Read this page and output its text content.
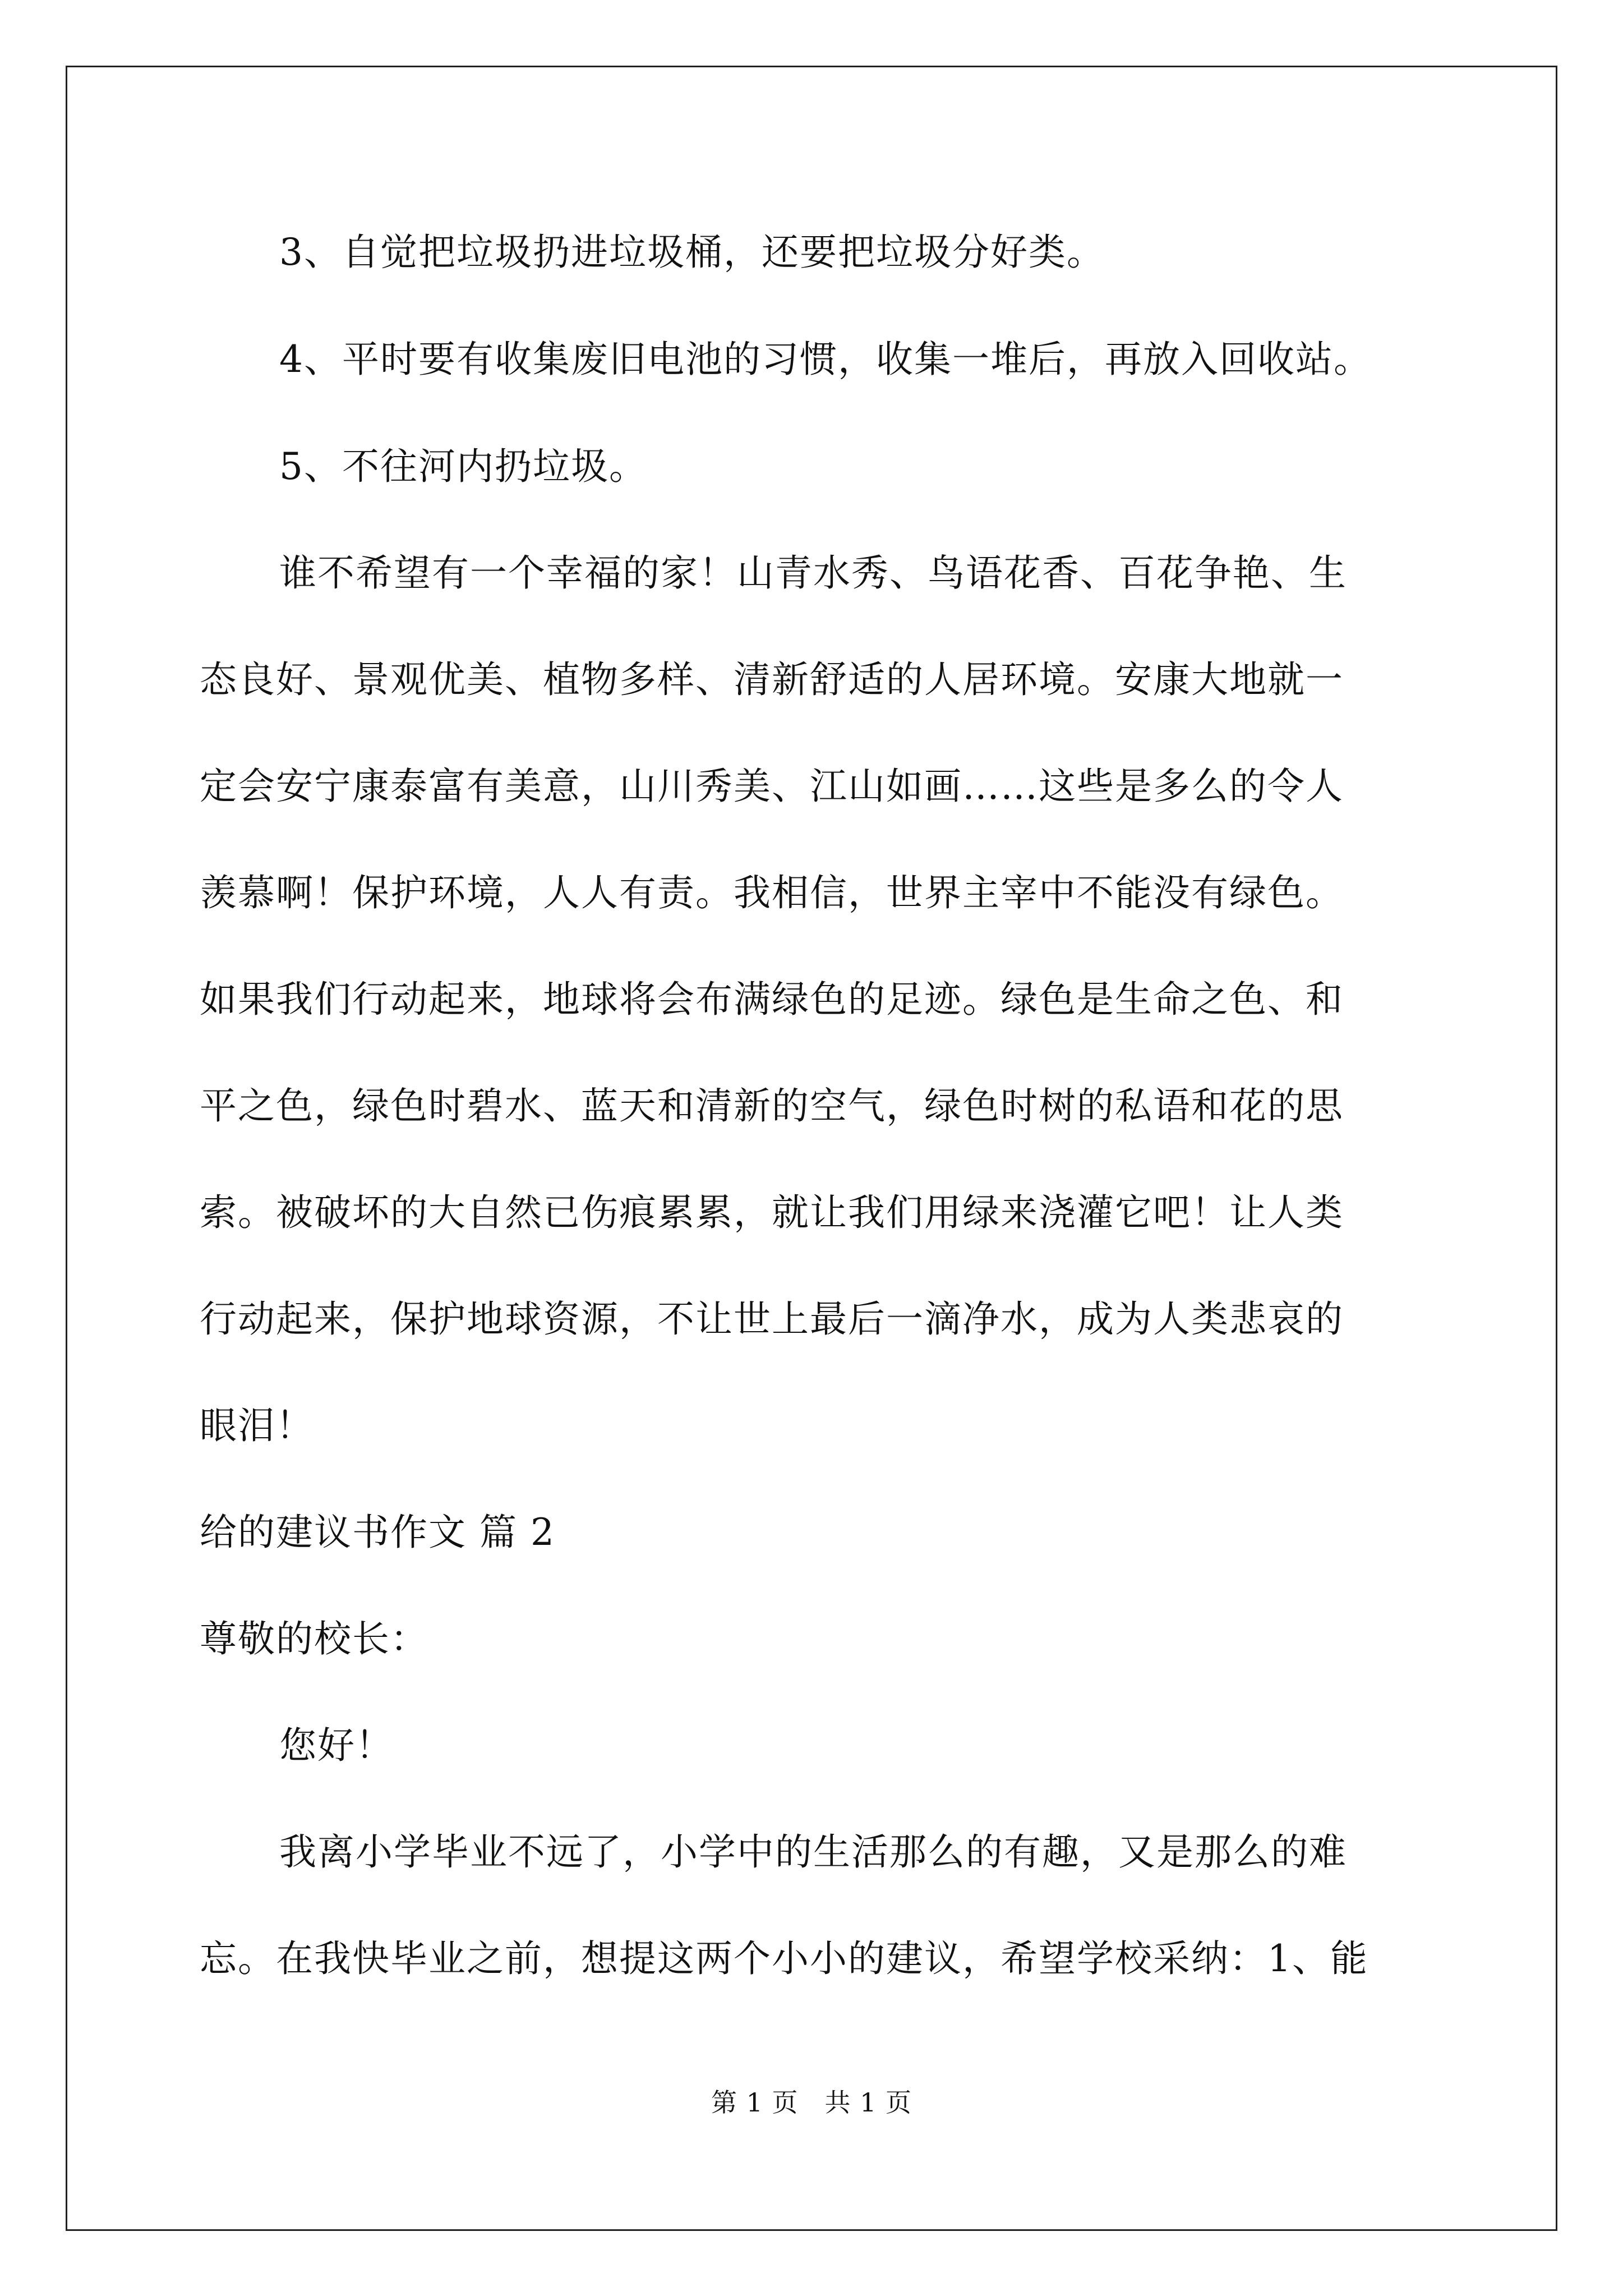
3、自觉把垃圾扔进垃圾桶，还要把垃圾分好类。
4、平时要有收集废旧电池的习惯，收集一堆后，再放入回收站。
5、不往河内扔垃圾。
谁不希望有一个幸福的家！山青水秀、鸟语花香、百花争艳、生
态良好、景观优美、植物多样、清新舒适的人居环境。安康大地就一
定会安宁康泰富有美意，山川秀美、江山如画……这些是多么的令人
羡慕啊！保护环境，人人有责。我相信，世界主宰中不能没有绿色。
如果我们行动起来，地球将会布满绿色的足迹。绿色是生命之色、和
平之色，绿色时碧水、蓝天和清新的空气，绿色时树的私语和花的思
索。被破坏的大自然已伤痕累累，就让我们用绿来浇灌它吧！让人类
行动起来，保护地球资源，不让世上最后一滴净水，成为人类悲哀的
眼泪！
给的建议书作文 篇 2
尊敬的校长：
您好！
我离小学毕业不远了，小学中的生活那么的有趣，又是那么的难
忘。在我快毕业之前，想提这两个小小的建议，希望学校采纳：1、能
第 1 页　共 1 页
